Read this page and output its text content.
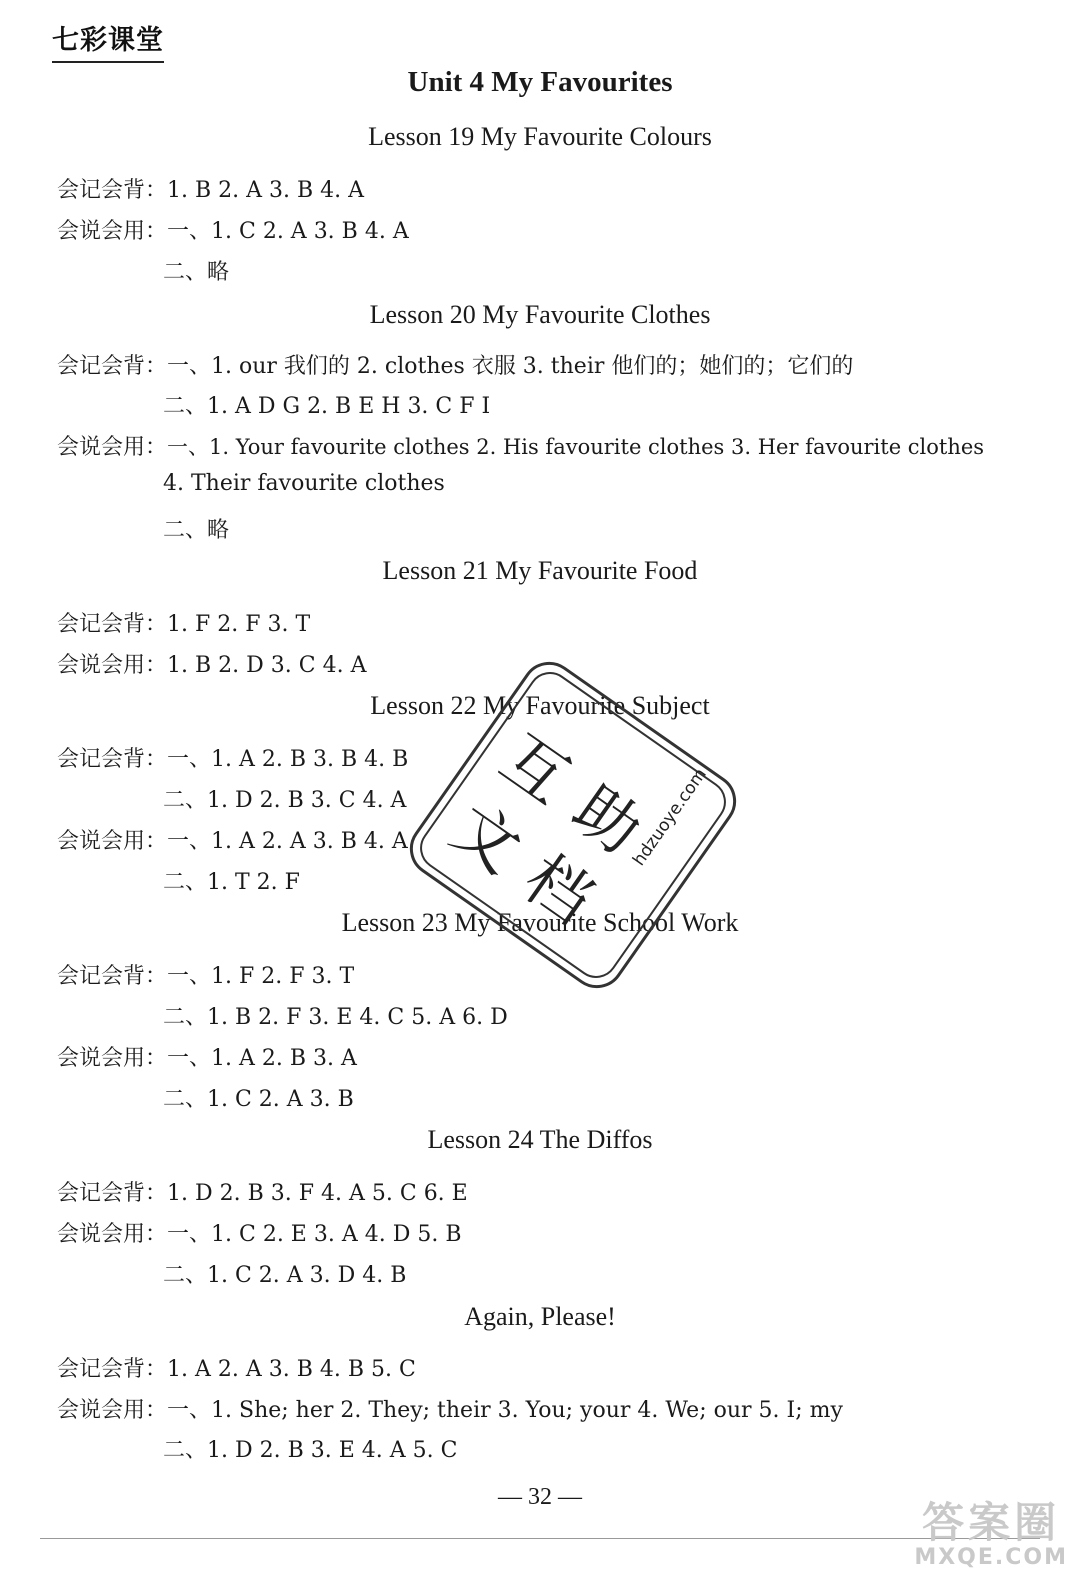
七彩课堂
Unit 4 My Favourites
Lesson 19 My Favourite Colours
会记会背：1. B 2. A 3. B 4. A
会说会用：一、1. C 2. A 3. B 4. A
二、略
Lesson 20 My Favourite Clothes
会记会背：一、1. our 我们的 2. clothes 衣服 3. their 他们的；她们的；它们的
二、1. A D G 2. B E H 3. C F I
会说会用：一、1. Your favourite clothes 2. His favourite clothes 3. Her favourite clothes
4. Their favourite clothes
二、略
Lesson 21 My Favourite Food
会记会背：1. F 2. F 3. T
会说会用：1. B 2. D 3. C 4. A
Lesson 22 My Favourite Subject
会记会背：一、1. A 2. B 3. B 4. B
二、1. D 2. B 3. C 4. A
会说会用：一、1. A 2. A 3. B 4. A
二、1. T 2. F
Lesson 23 My Favourite School Work
会记会背：一、1. F 2. F 3. T
二、1. B 2. F 3. E 4. C 5. A 6. D
会说会用：一、1. A 2. B 3. A
二、1. C 2. A 3. B
Lesson 24 The Diffos
会记会背：1. D 2. B 3. F 4. A 5. C 6. E
会说会用：一、1. C 2. E 3. A 4. D 5. B
二、1. C 2. A 3. D 4. B
Again, Please!
会记会背：1. A 2. A 3. B 4. B 5. C
会说会用：一、1. She; her 2. They; their 3. You; your 4. We; our 5. I; my
二、1. D 2. B 3. E 4. A 5. C
互
助
文
档
hdzuoye.com
— 32 —
答案圈
MXQE.COM
